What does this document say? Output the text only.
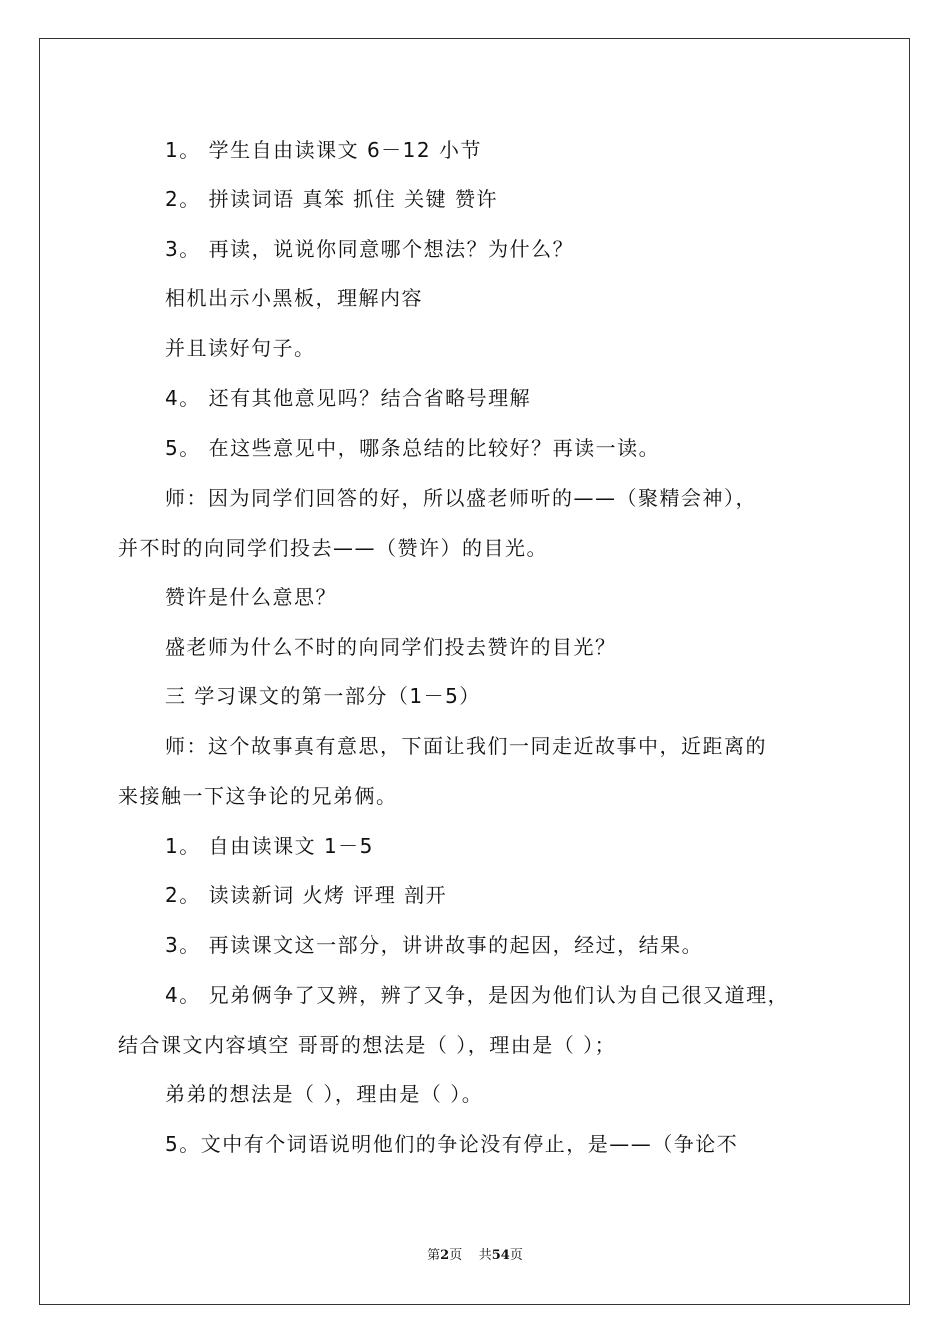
1。 学生自由读课文 6－12 小节
2。 拼读词语 真笨 抓住 关键 赞许
3。 再读，说说你同意哪个想法？为什么？
相机出示小黑板，理解内容
并且读好句子。
4。 还有其他意见吗？结合省略号理解
5。 在这些意见中，哪条总结的比较好？再读一读。
师：因为同学们回答的好，所以盛老师听的——（聚精会神），
并不时的向同学们投去——（赞许）的目光。
赞许是什么意思？
盛老师为什么不时的向同学们投去赞许的目光？
三 学习课文的第一部分（1－5）
师：这个故事真有意思，下面让我们一同走近故事中，近距离的
来接触一下这争论的兄弟俩。
1。 自由读课文 1－5
2。 读读新词 火烤 评理 剖开
3。 再读课文这一部分，讲讲故事的起因，经过，结果。
4。 兄弟俩争了又辨，辨了又争，是因为他们认为自己很又道理，
结合课文内容填空 哥哥的想法是（ ），理由是（ ）；
弟弟的想法是（ ），理由是（ ）。
5。文中有个词语说明他们的争论没有停止，是——（争论不
第2页 共54页
